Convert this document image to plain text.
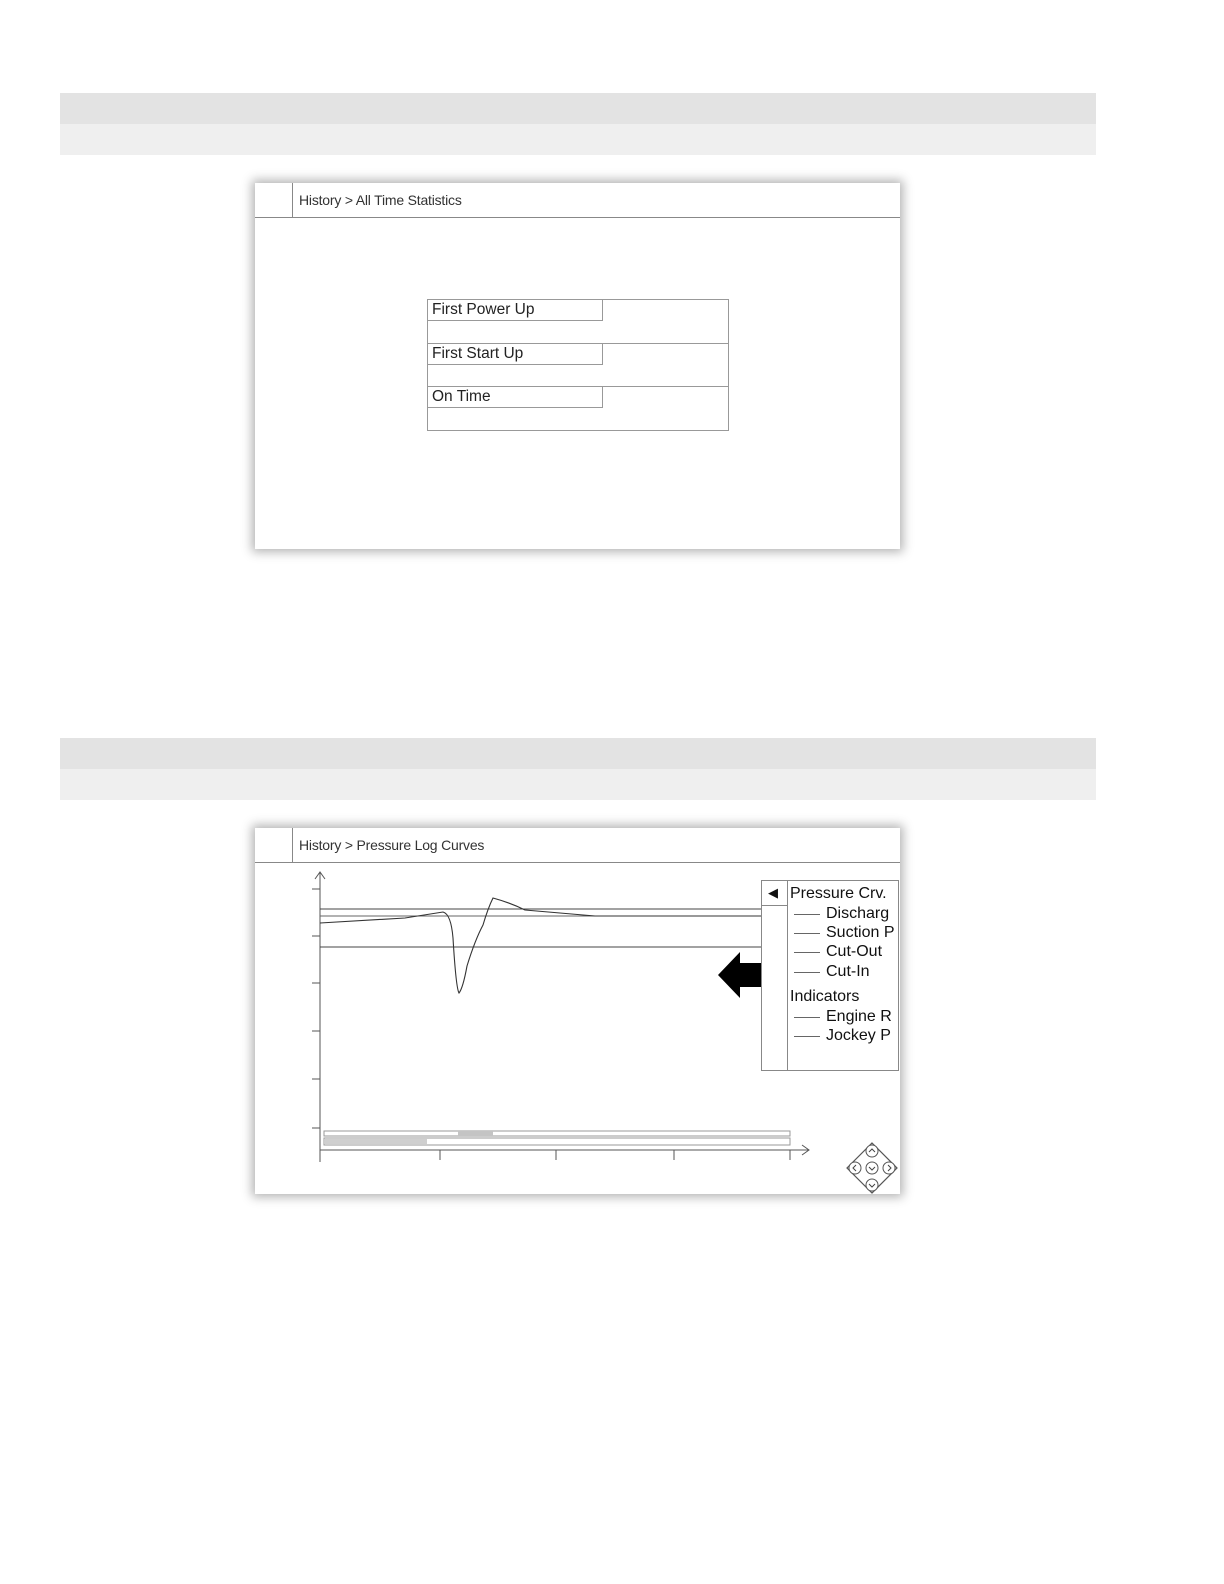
History > All Time Statistics
First Power Up
First Start Up
On Time
History > Pressure Log Curves
◀ Pressure Crv.
Discharg
Suction P
Cut-Out
Cut-In
Indicators
Engine R
Jockey P
